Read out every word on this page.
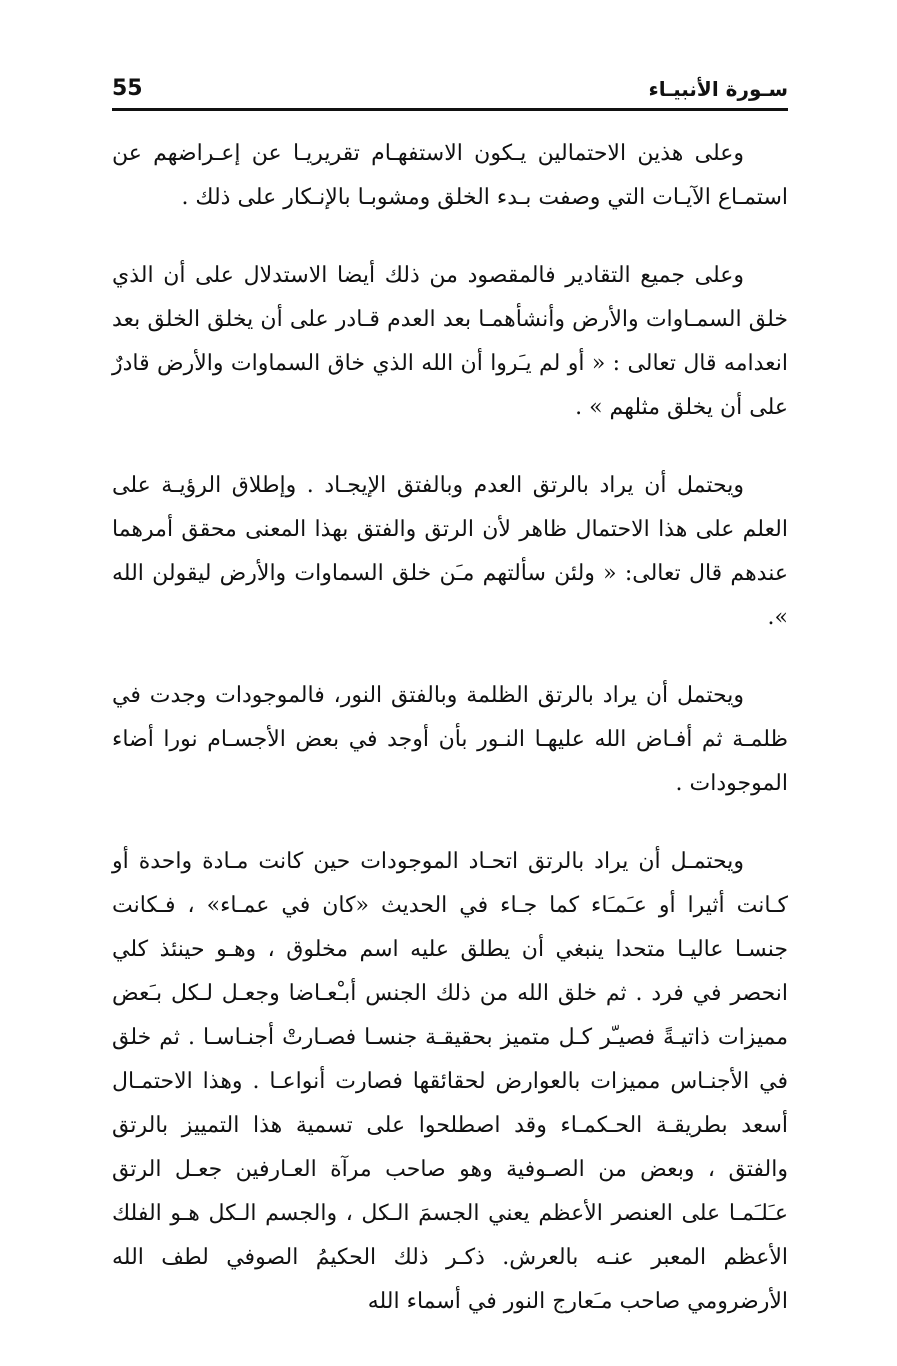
55	سـورة الأنبيـاء

وعلى هذين الاحتمالين يـكون الاستفهـام تقريريـا عن إعـراضهم عن استمـاع الآيـات التي وصفت بـدء الخلق ومشوبـا بالإنـكار على ذلك .

وعلى جميع التقادير فالمقصود من ذلك أيضا الاستدلال على أن الذي خلق السمـاوات والأرض وأنشأهمـا بعد العدم قـادر على أن يخلق الخلق بعد انعدامه قال تعالى : « أو لم يـَروا أن الله الذي خاق السماوات والأرض قادرٌ على أن يخلق مثلهم » .

ويحتمل أن يراد بالرتق العدم وبالفتق الإيجـاد . وإطلاق الرؤيـة على العلم على هذا الاحتمال ظاهر لأن الرتق والفتق بهذا المعنى محقق أمرهما عندهم قال تعالى: « ولئن سألتهم مـَن خلق السماوات والأرض ليقولن الله ».

ويحتمل أن يراد بالرتق الظلمة وبالفتق النور، فالموجودات وجدت في ظلمـة ثم أفـاض الله عليهـا النـور بأن أوجد في بعض الأجسـام نورا أضاء الموجودات .

ويحتمـل أن يراد بالرتق اتحـاد الموجودات حين كانت مـادة واحدة أو كـانت أثيرا أو عـَمـَاء كما جـاء في الحديث «كان في عمـاء» ، فـكانت جنسـا عاليـا متحدا ينبغي أن يطلق عليه اسم مخلوق ، وهـو حينئذ كلي انحصر في فرد . ثم خلق الله من ذلك الجنس أبـْعـاضا وجعـل لـكل بـَعض مميزات ذاتيـةً فصيـّر كـل متميز بحقيقـة جنسـا فصـارتْ أجنـاسـا . ثم خلق في الأجنـاس مميزات بالعوارض لحقائقها فصارت أنواعـا . وهذا الاحتمـال أسعد بطريقـة الحـكمـاء وقد اصطلحوا على تسمية هذا التمييز بالرتق والفتق ، وبعض من الصـوفية وهو صاحب مرآة العـارفين جعـل الرتق عـَلـَمـا على العنصر الأعظم يعني الجسمَ الـكل ، والجسم الـكل هـو الفلك الأعظم المعبر عنـه بالعرش. ذكـر ذلك الحكيمُ الصوفي لطف الله الأرضرومي صاحب مـَعارج النور في أسماء الله
